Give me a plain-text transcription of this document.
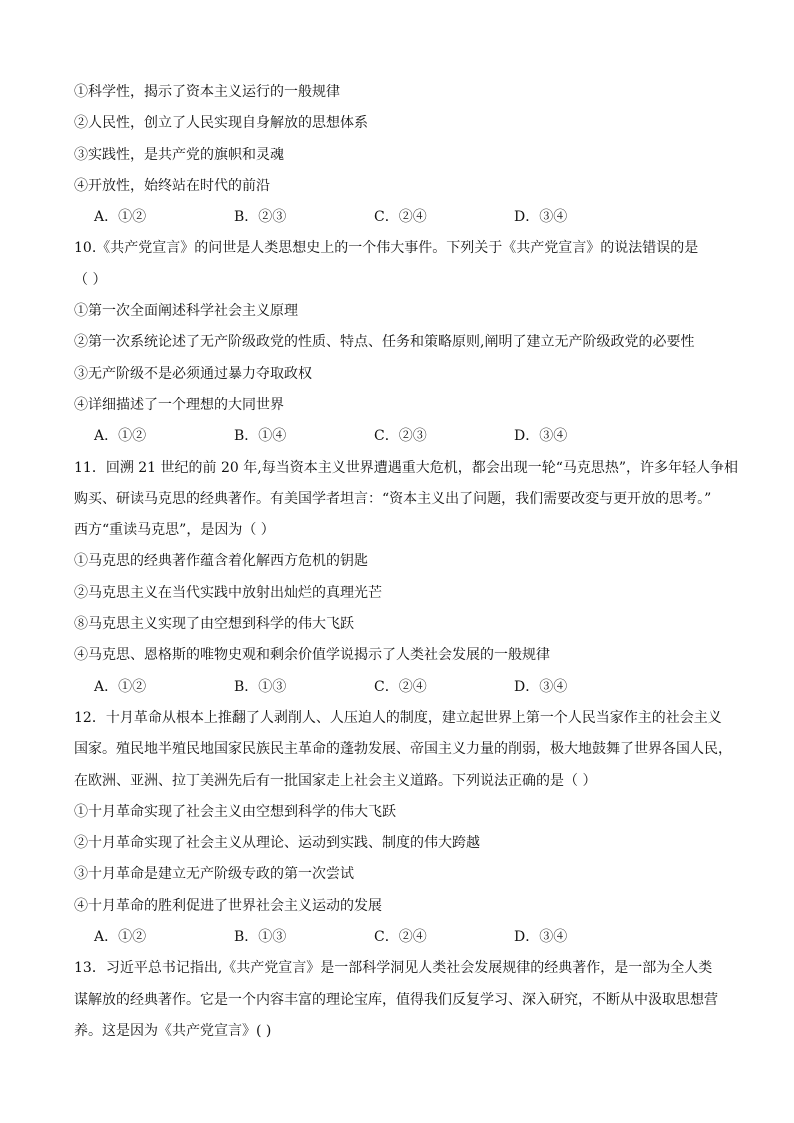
①科学性，揭示了资本主义运行的一般规律
②人民性，创立了人民实现自身解放的思想体系
③实践性，是共产党的旗帜和灵魂
④开放性，始终站在时代的前沿
A．①②	B．②③	C．②④	D．③④
10.《共产党宣言》的问世是人类思想史上的一个伟大事件。下列关于《共产党宣言》的说法错误的是
（ ）
①第一次全面阐述科学社会主义原理
②第一次系统论述了无产阶级政党的性质、特点、任务和策略原则,阐明了建立无产阶级政党的必要性
③无产阶级不是必须通过暴力夺取政权
④详细描述了一个理想的大同世界
A．①②	B．①④	C．②③	D．③④
11．回溯 21 世纪的前 20 年,每当资本主义世界遭遇重大危机，都会出现一轮“马克思热”，许多年轻人争相
购买、研读马克思的经典著作。有美国学者坦言：“资本主义出了问题，我们需要改変与更开放的思考。”
西方“重读马克思”，是因为（ ）
①马克思的经典著作蕴含着化解西方危机的钥匙
②马克思主义在当代实践中放射出灿烂的真理光芒
⑧马克思主义实现了由空想到科学的伟大飞跃
④马克思、恩格斯的唯物史观和剩余价值学说揭示了人类社会发展的一般规律
A．①②	B．①③	C．②④	D．③④
12．十月革命从根本上推翻了人剥削人、人压迫人的制度，建立起世界上第一个人民当家作主的社会主义
国家。殖民地半殖民地国家民族民主革命的蓬勃发展、帝国主义力量的削弱，极大地鼓舞了世界各国人民，
在欧洲、亚洲、拉丁美洲先后有一批国家走上社会主义道路。下列说法正确的是（ ）
①十月革命实现了社会主义由空想到科学的伟大飞跃
②十月革命实现了社会主义从理论、运动到实践、制度的伟大跨越
③十月革命是建立无产阶级专政的第一次尝试
④十月革命的胜利促进了世界社会主义运动的发展
A．①②	B．①③	C．②④	D．③④
13．习近平总书记指出,《共产党宣言》是一部科学洞见人类社会发展规律的经典著作，是一部为全人类
谋解放的经典著作。它是一个内容丰富的理论宝库，值得我们反复学习、深入研究，不断从中汲取思想营
养。这是因为《共产党宣言》( )
